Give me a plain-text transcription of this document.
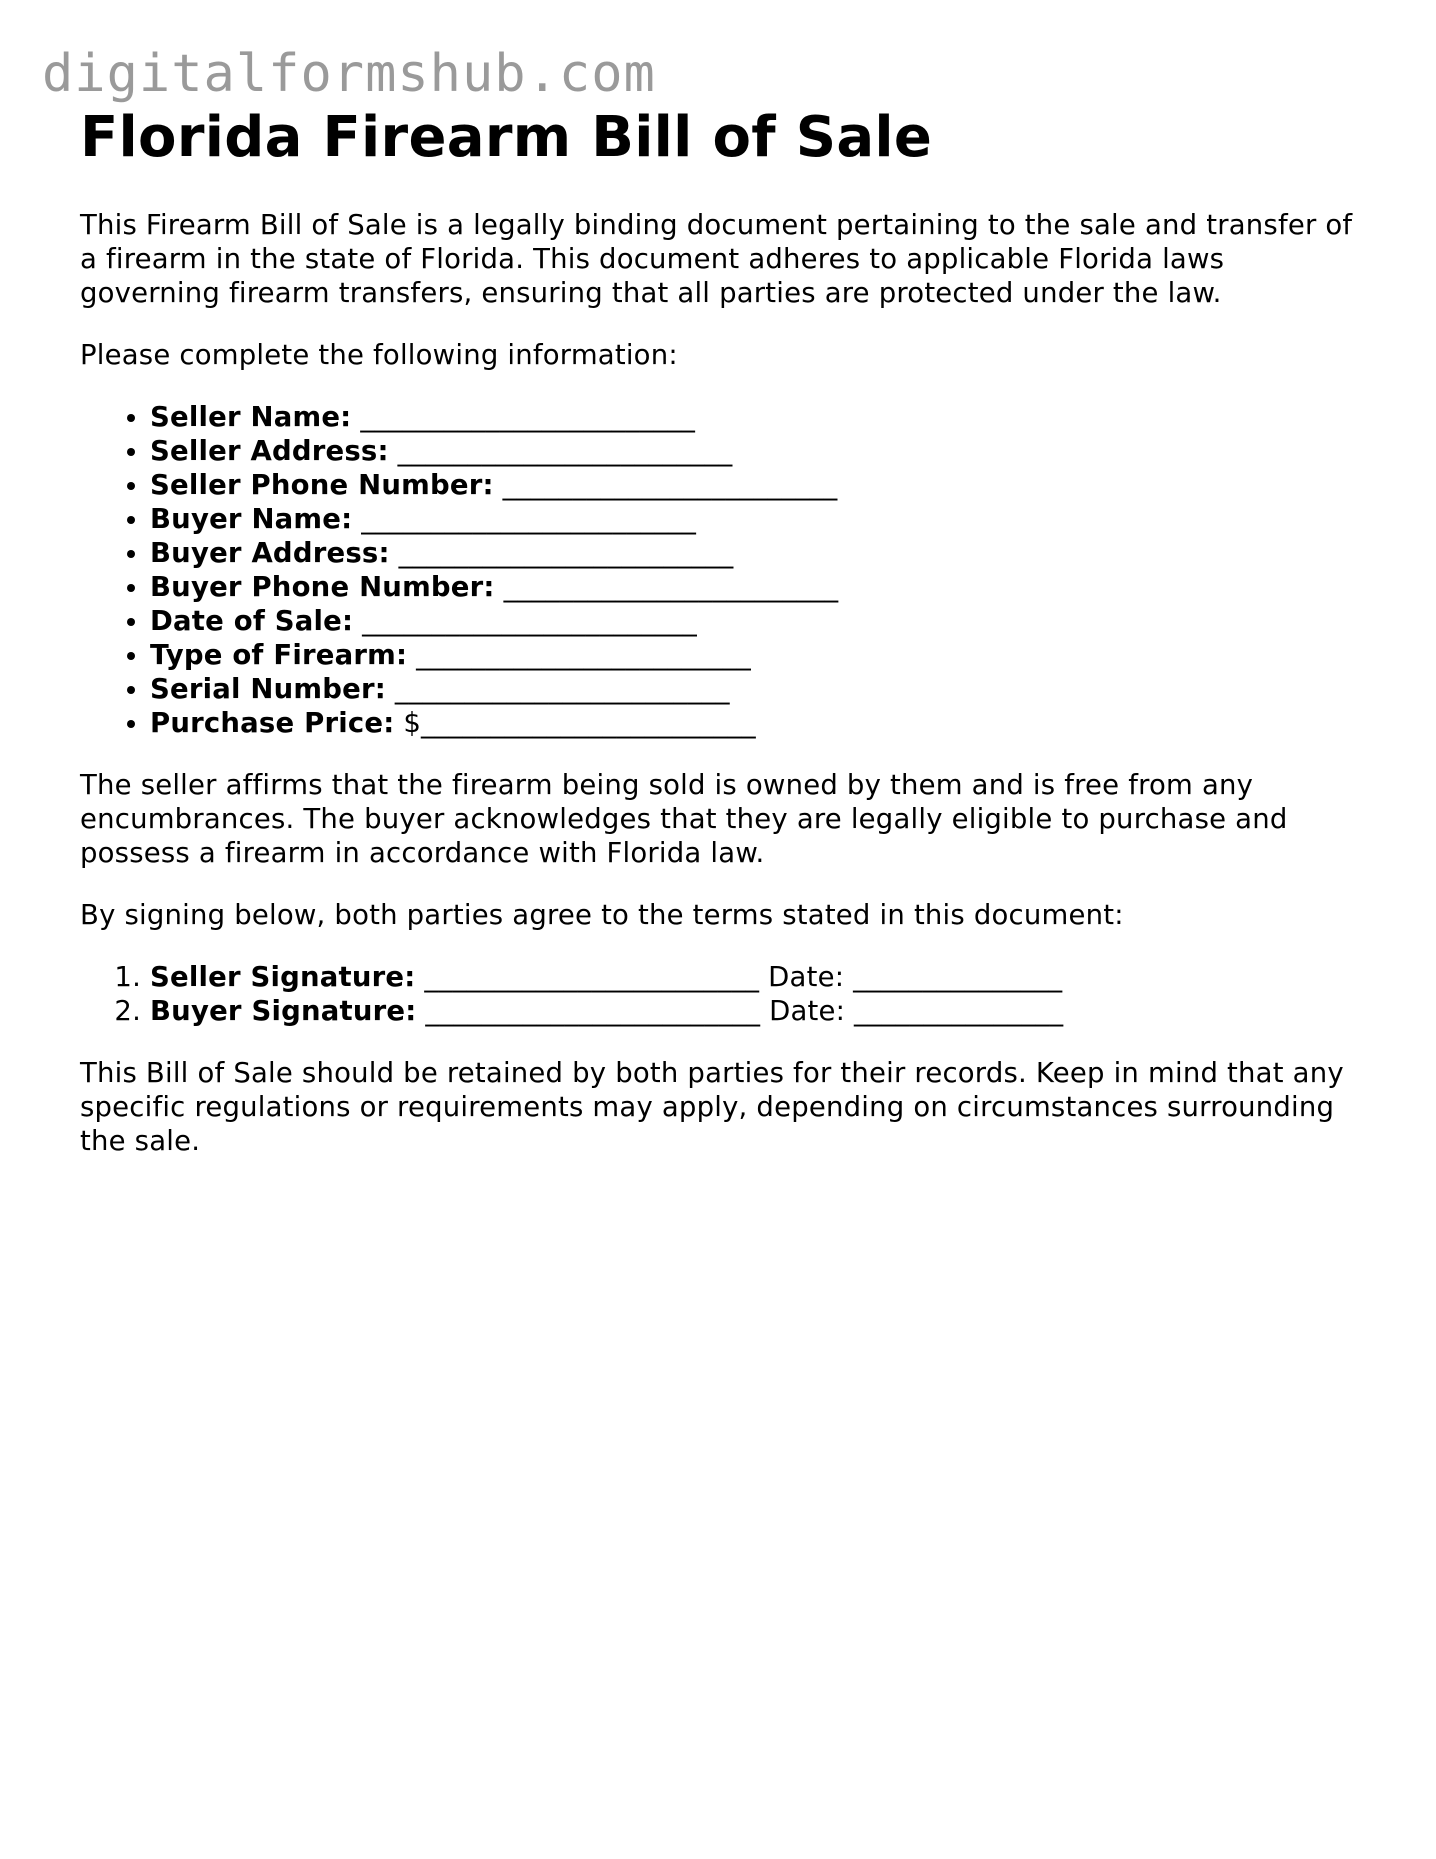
digitalformshub.com
Florida Firearm Bill of Sale

This Firearm Bill of Sale is a legally binding document pertaining to the sale and transfer of a firearm in the state of Florida. This document adheres to applicable Florida laws governing firearm transfers, ensuring that all parties are protected under the law.

Please complete the following information:

• Seller Name: ________________________
• Seller Address: ________________________
• Seller Phone Number: ________________________
• Buyer Name: ________________________
• Buyer Address: ________________________
• Buyer Phone Number: ________________________
• Date of Sale: ________________________
• Type of Firearm: ________________________
• Serial Number: ________________________
• Purchase Price: $________________________

The seller affirms that the firearm being sold is owned by them and is free from any encumbrances. The buyer acknowledges that they are legally eligible to purchase and possess a firearm in accordance with Florida law.

By signing below, both parties agree to the terms stated in this document:

1. Seller Signature: ________________________ Date: _______________
2. Buyer Signature: ________________________ Date: _______________

This Bill of Sale should be retained by both parties for their records. Keep in mind that any specific regulations or requirements may apply, depending on circumstances surrounding the sale.
